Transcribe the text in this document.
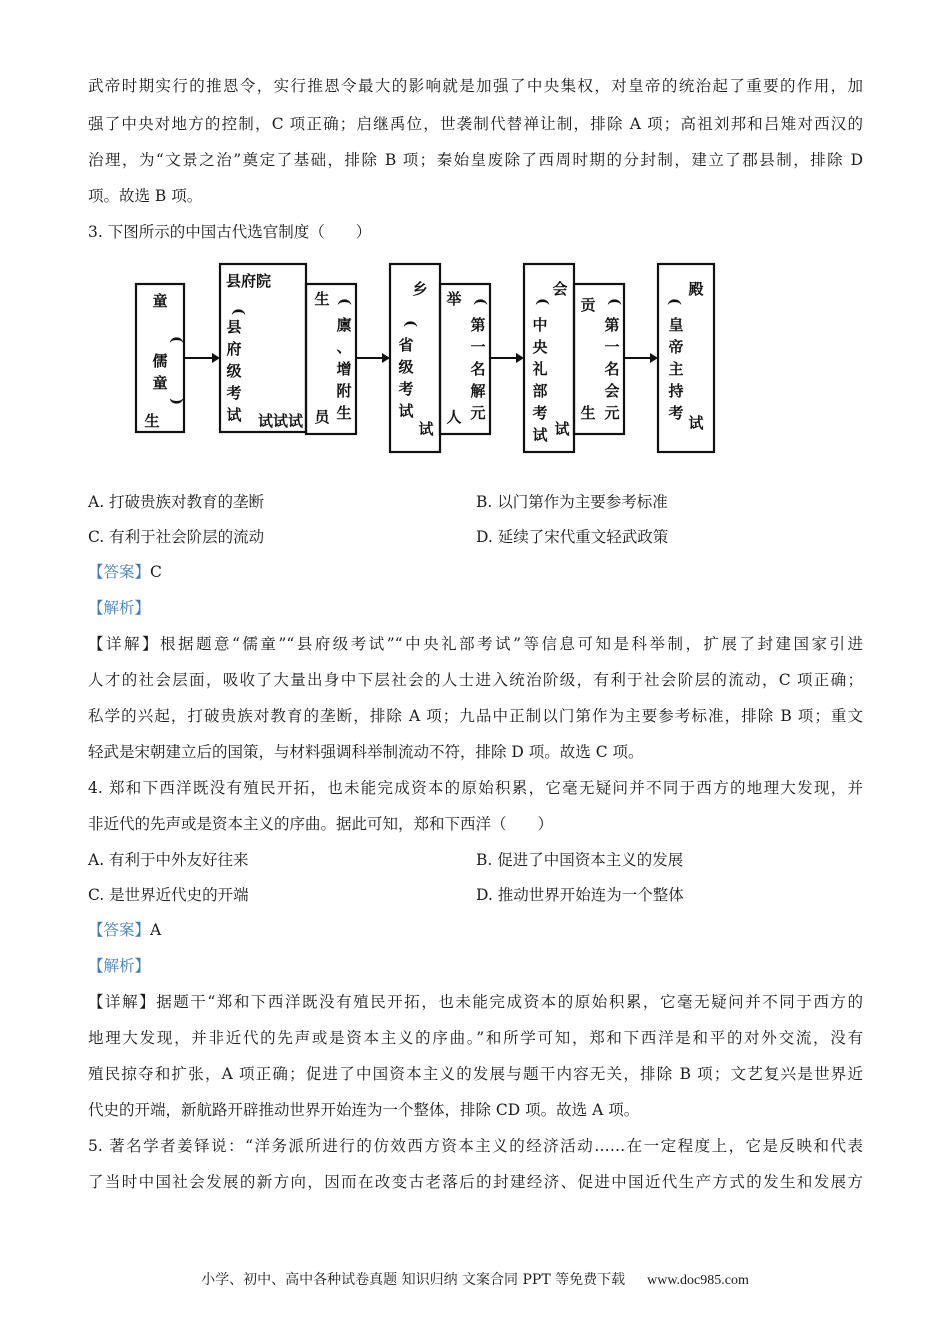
武帝时期实行的推恩令，实行推恩令最大的影响就是加强了中央集权，对皇帝的统治起了重要的作用，加
强了中央对地方的控制，C 项正确；启继禹位，世袭制代替禅让制，排除 A 项；高祖刘邦和吕雉对西汉的
治理，为“文景之治”奠定了基础，排除 B 项；秦始皇废除了西周时期的分封制，建立了郡县制，排除 D
项。故选 B 项。
3. 下图所示的中国古代选官制度（　　）
童
(
儒
童
)
生
县府院
(
县
府
级
考
试 试试试
生 (
廪
、
增
附
生
员
乡
(
省
级
考
试
试
举 (
第
一
名
解
元
人
会
(
中
央
礼
部
考
试 试
贡 (
第
一
名
会
元
生
殿
(
皇
帝
主
持
考
试
A. 打破贵族对教育的垄断	B. 以门第作为主要参考标准
C. 有利于社会阶层的流动	D. 延续了宋代重文轻武政策
【答案】C
【解析】
【详解】根据题意“儒童”“县府级考试”“中央礼部考试”等信息可知是科举制，扩展了封建国家引进
人才的社会层面，吸收了大量出身中下层社会的人士进入统治阶级，有利于社会阶层的流动，C 项正确；
私学的兴起，打破贵族对教育的垄断，排除 A 项；九品中正制以门第作为主要参考标准，排除 B 项；重文
轻武是宋朝建立后的国策，与材料强调科举制流动不符，排除 D 项。故选 C 项。
4. 郑和下西洋既没有殖民开拓，也未能完成资本的原始积累，它毫无疑问并不同于西方的地理大发现，并
非近代的先声或是资本主义的序曲。据此可知，郑和下西洋（　　）
A. 有利于中外友好往来	B. 促进了中国资本主义的发展
C. 是世界近代史的开端	D. 推动世界开始连为一个整体
【答案】A
【解析】
【详解】据题干“郑和下西洋既没有殖民开拓，也未能完成资本的原始积累，它毫无疑问并不同于西方的
地理大发现，并非近代的先声或是资本主义的序曲。”和所学可知，郑和下西洋是和平的对外交流，没有
殖民掠夺和扩张，A 项正确；促进了中国资本主义的发展与题干内容无关，排除 B 项；文艺复兴是世界近
代史的开端，新航路开辟推动世界开始连为一个整体，排除 CD 项。故选 A 项。
5. 著名学者姜铎说：“洋务派所进行的仿效西方资本主义的经济活动……在一定程度上，它是反映和代表
了当时中国社会发展的新方向，因而在改变古老落后的封建经济、促进中国近代生产方式的发生和发展方
小学、初中、高中各种试卷真题 知识归纳 文案合同 PPT 等免费下载 www.doc985.com
